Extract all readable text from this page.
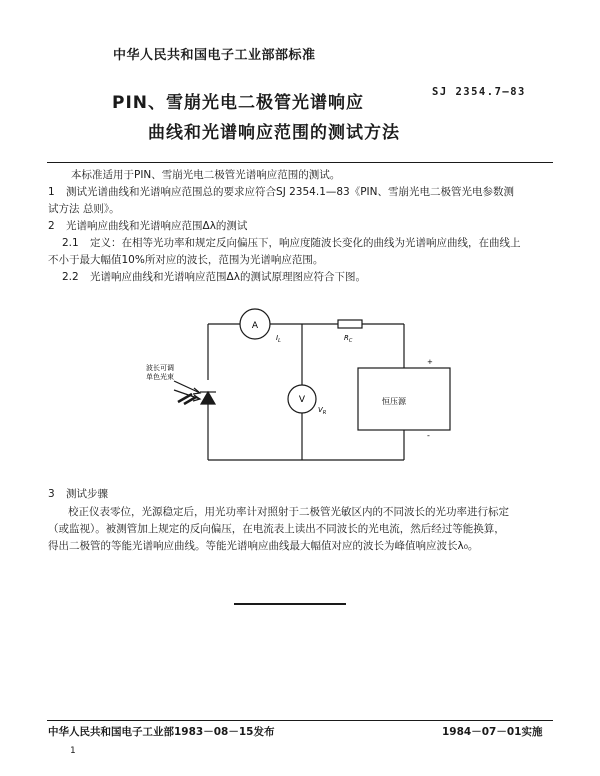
中华人民共和国电子工业部部标准
PIN、雪崩光电二极管光谱响应
曲线和光谱响应范围的测试方法
SJ 2354.7—83
本标准适用于PIN、雪崩光电二极管光谱响应范围的测试。
1 测试光谱曲线和光谱响应范围总的要求应符合SJ 2354.1—83《PIN、雪崩光电二极管光电参数测
试方法 总则》。
2 光谱响应曲线和光谱响应范围Δλ的测试
2.1 定义：在相等光功率和规定反向偏压下，响应度随波长变化的曲线为光谱响应曲线，在曲线上
不小于最大幅值10%所对应的波长，范围为光谱响应范围。
2.2 光谱响应曲线和光谱响应范围Δλ的测试原理图应符合下图。
A
V
$I_L$	$R_C$
$V_R$
恒压源
+
-
波长可调
单色光束
3 测试步骤
校正仪表零位，光源稳定后，用光功率计对照射于二极管光敏区内的不同波长的光功率进行标定
（或监视）。被测管加上规定的反向偏压，在电流表上读出不同波长的光电流，然后经过等能换算，
得出二极管的等能光谱响应曲线。等能光谱响应曲线最大幅值对应的波长为峰值响应波长λ₀。
中华人民共和国电子工业部1983－08－15发布	1984－07－01实施
1
